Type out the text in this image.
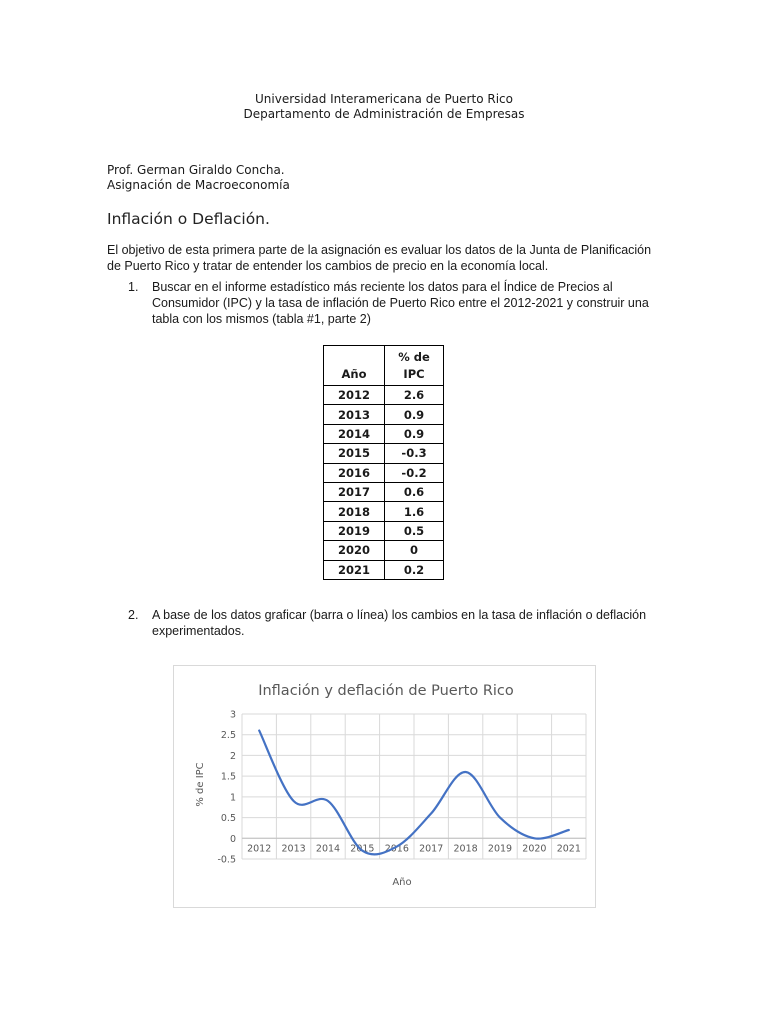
Universidad Interamericana de Puerto Rico
Departamento de Administración de Empresas
Prof. German Giraldo Concha.
Asignación de Macroeconomía
Inflación o Deflación.
El objetivo de esta primera parte de la asignación es evaluar los datos de la Junta de Planificación
de Puerto Rico y tratar de entender los cambios de precio en la economía local.
1. Buscar en el informe estadístico más reciente los datos para el Índice de Precios al
Consumidor (IPC) y la tasa de inflación de Puerto Rico entre el 2012-2021 y construir una
tabla con los mismos (tabla #1, parte 2)
Año	% de
IPC

2012	2.6
2013	0.9
2014	0.9
2015	-0.3
2016	-0.2
2017	0.6
2018	1.6
2019	0.5
2020	0
2021	0.2
2. A base de los datos graficar (barra o línea) los cambios en la tasa de inflación o deflación
experimentados.
Inflación y deflación de Puerto Rico
-0.5
0
0.5
1
1.5
2
2.5
3
2012 2013 2014 2015 2016 2017 2018 2019 2020 2021
% de IPC
Año
